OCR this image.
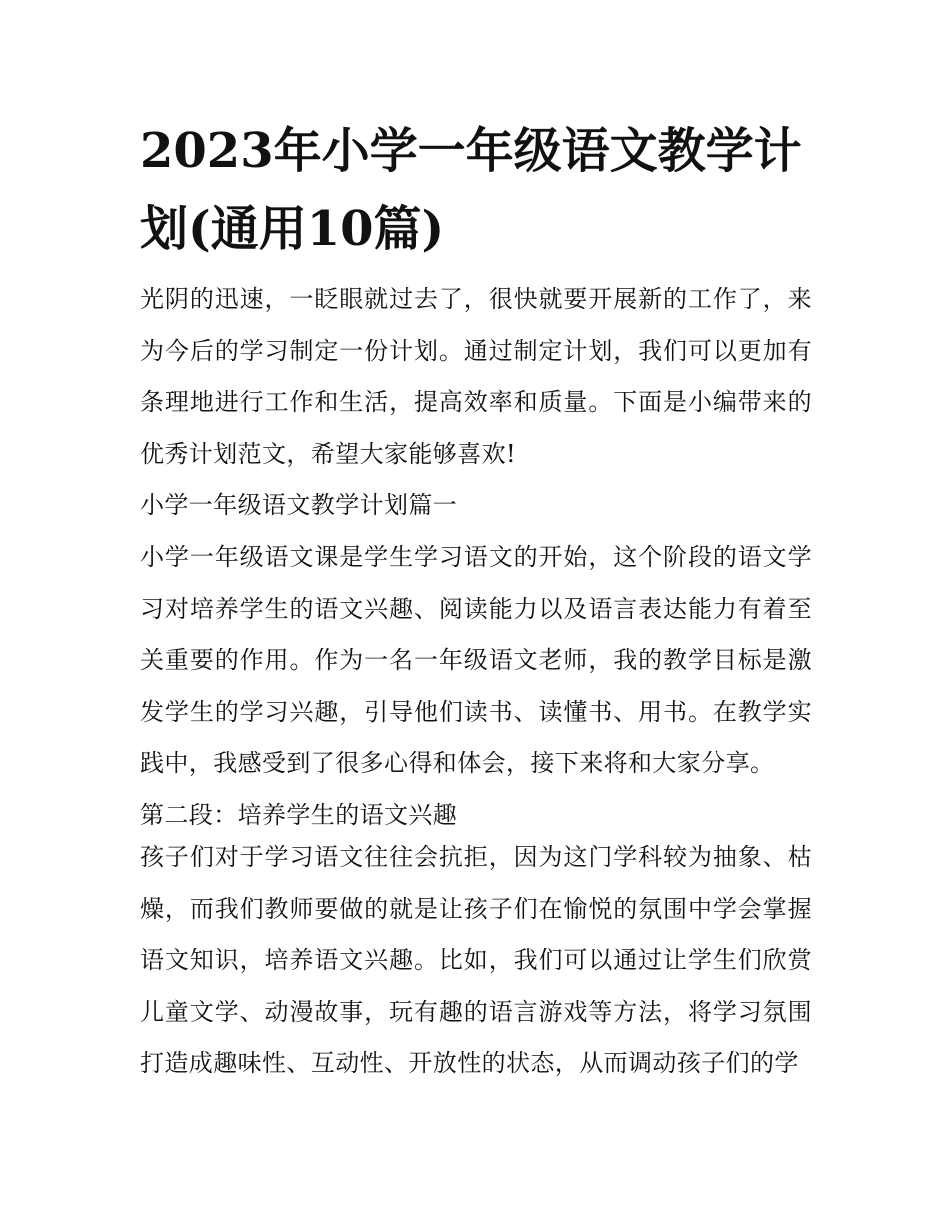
2023年小学一年级语文教学计划(通用10篇)

光阴的迅速，一眨眼就过去了，很快就要开展新的工作了，来为今后的学习制定一份计划。通过制定计划，我们可以更加有条理地进行工作和生活，提高效率和质量。下面是小编带来的优秀计划范文，希望大家能够喜欢!

小学一年级语文教学计划篇一

小学一年级语文课是学生学习语文的开始，这个阶段的语文学习对培养学生的语文兴趣、阅读能力以及语言表达能力有着至关重要的作用。作为一名一年级语文老师，我的教学目标是激发学生的学习兴趣，引导他们读书、读懂书、用书。在教学实践中，我感受到了很多心得和体会，接下来将和大家分享。

第二段：培养学生的语文兴趣

孩子们对于学习语文往往会抗拒，因为这门学科较为抽象、枯燥，而我们教师要做的就是让孩子们在愉悦的氛围中学会掌握语文知识，培养语文兴趣。比如，我们可以通过让学生们欣赏儿童文学、动漫故事，玩有趣的语言游戏等方法，将学习氛围打造成趣味性、互动性、开放性的状态，从而调动孩子们的学
